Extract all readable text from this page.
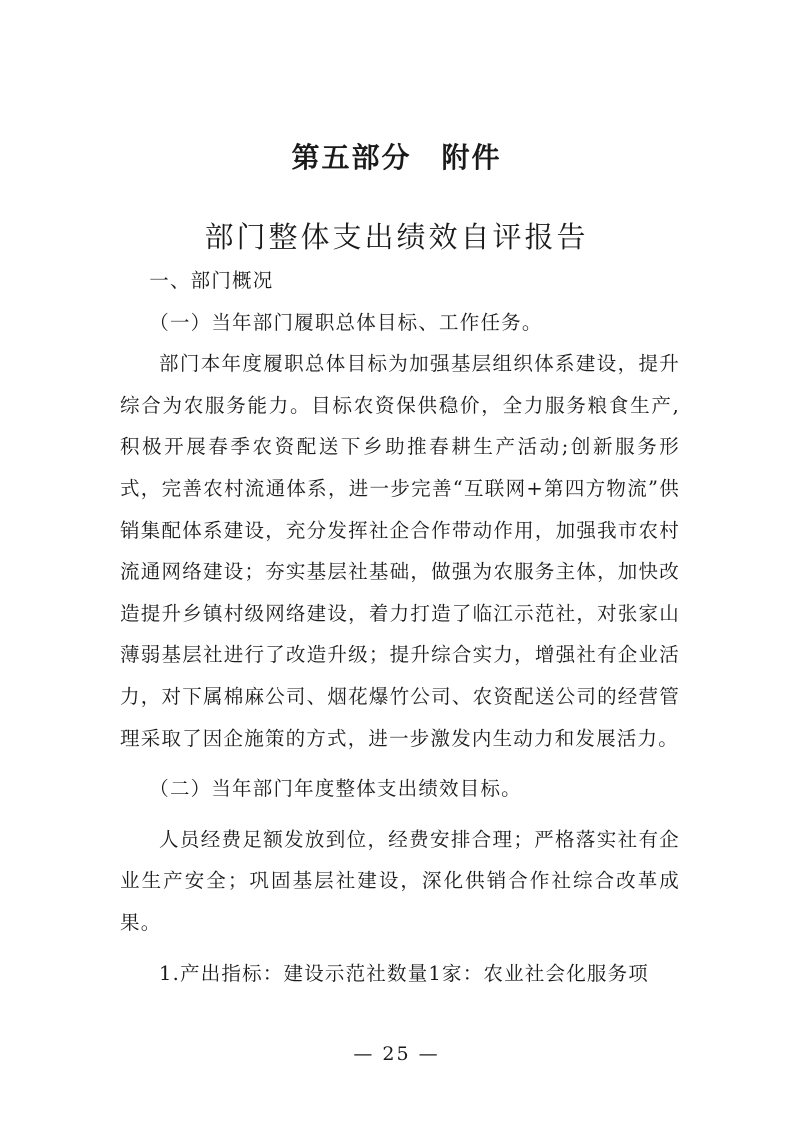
第五部分　附件
部门整体支出绩效自评报告

一、部门概况

（一）当年部门履职总体目标、工作任务。

部门本年度履职总体目标为加强基层组织体系建设，提升综合为农服务能力。目标农资保供稳价，全力服务粮食生产,积极开展春季农资配送下乡助推春耕生产活动;创新服务形式，完善农村流通体系，进一步完善“互联网+第四方物流”供销集配体系建设，充分发挥社企合作带动作用，加强我市农村流通网络建设；夯实基层社基础，做强为农服务主体，加快改造提升乡镇村级网络建设，着力打造了临江示范社，对张家山薄弱基层社进行了改造升级；提升综合实力，增强社有企业活力，对下属棉麻公司、烟花爆竹公司、农资配送公司的经营管理采取了因企施策的方式，进一步激发内生动力和发展活力。

（二）当年部门年度整体支出绩效目标。

人员经费足额发放到位，经费安排合理；严格落实社有企业生产安全；巩固基层社建设，深化供销合作社综合改革成果。

1.产出指标：建设示范社数量1家：农业社会化服务项

— 25 —
